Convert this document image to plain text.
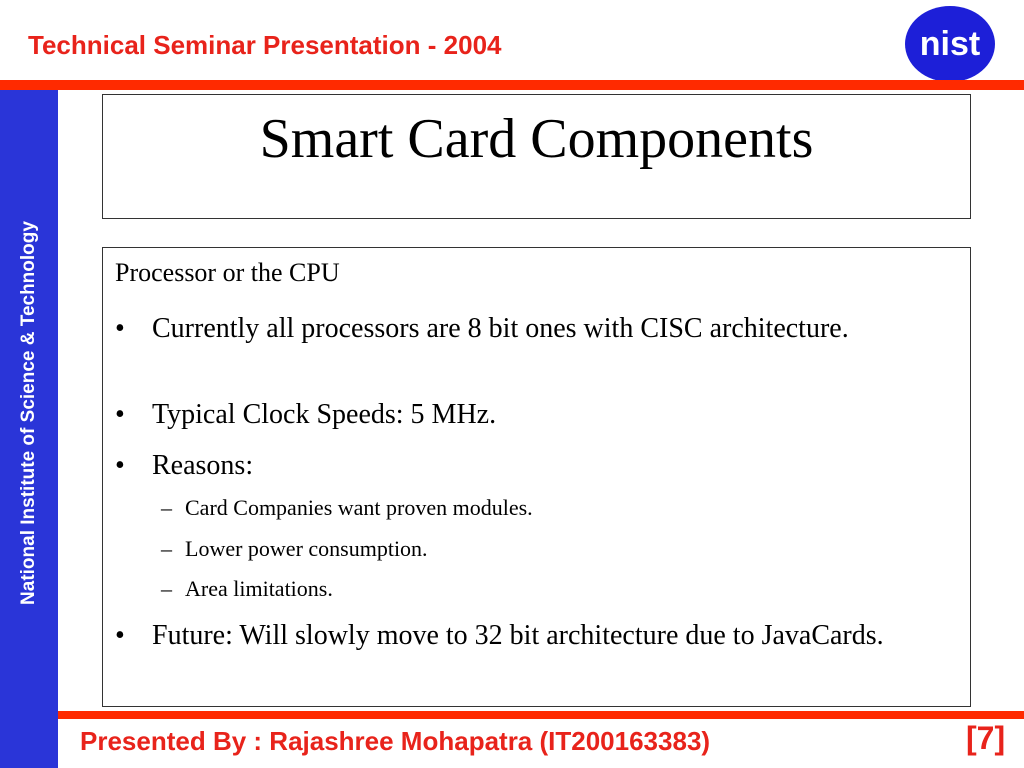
Technical Seminar Presentation - 2004	nist
National Institute of Science & Technology
Smart Card Components
Processor or the CPU
• Currently all processors are 8 bit ones with CISC architecture.
• Typical Clock Speeds: 5 MHz.
• Reasons:
– Card Companies want proven modules.
– Lower power consumption.
– Area limitations.
• Future: Will slowly move to 32 bit architecture due to JavaCards.
Presented By : Rajashree Mohapatra (IT200163383)	[7]
